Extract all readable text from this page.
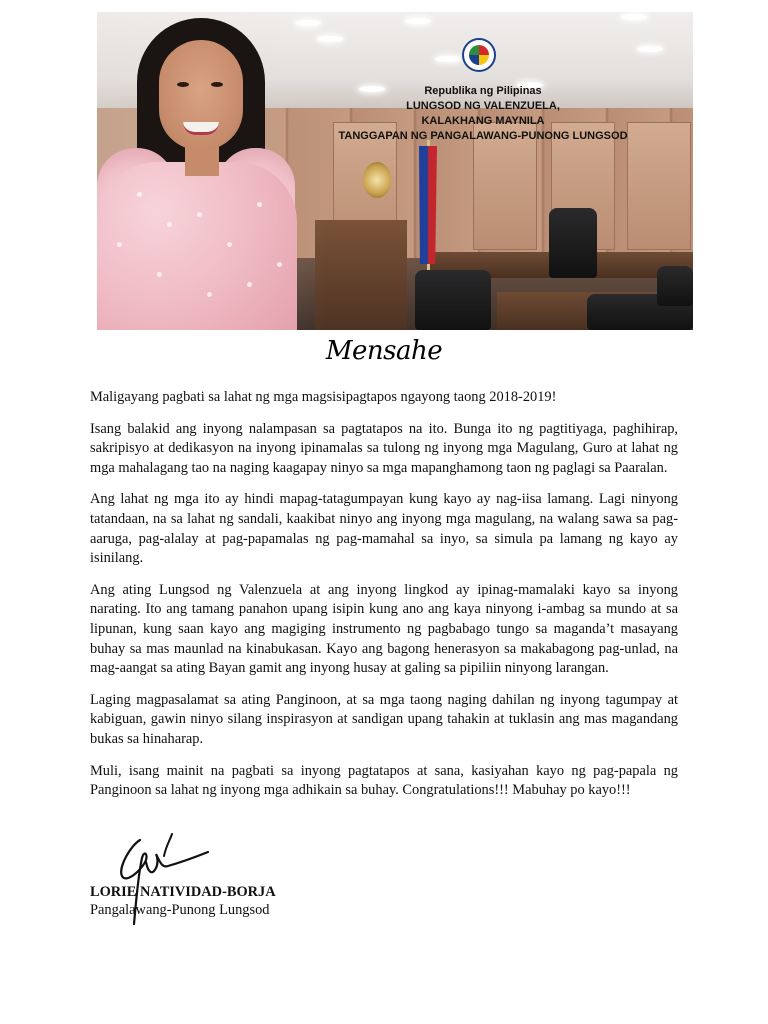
Republika ng Pilipinas
LUNGSOD NG VALENZUELA,
KALAKHANG MAYNILA
TANGGAPAN NG PANGALAWANG-PUNONG LUNGSOD
Mensahe

Maligayang pagbati sa lahat ng mga magsisipagtapos ngayong taong 2018-2019!

Isang balakid ang inyong nalampasan sa pagtatapos na ito. Bunga ito ng pagtitiyaga, paghihirap, sakripisyo at dedikasyon na inyong ipinamalas sa tulong ng inyong mga Magulang, Guro at lahat ng mga mahalagang tao na naging kaagapay ninyo sa mga mapanghamong taon ng paglagi sa Paaralan.

Ang lahat ng mga ito ay hindi mapag-tatagumpayan kung kayo ay nag-iisa lamang. Lagi ninyong tatandaan, na sa lahat ng sandali, kaakibat ninyo ang inyong mga magulang, na walang sawa sa pag-aaruga, pag-alalay at pag-papamalas ng pag-mamahal sa inyo, sa simula pa lamang ng kayo ay isinilang.

Ang ating Lungsod ng Valenzuela at ang inyong lingkod ay ipinag-mamalaki kayo sa inyong narating. Ito ang tamang panahon upang isipin kung ano ang kaya ninyong i-ambag sa mundo at sa lipunan, kung saan kayo ang magiging instrumento ng pagbabago tungo sa maganda’t masayang buhay sa mas maunlad na kinabukasan. Kayo ang bagong henerasyon sa makabagong pag-unlad, na mag-aangat sa ating Bayan gamit ang inyong husay at galing sa pipiliin ninyong larangan.

Laging magpasalamat sa ating Panginoon, at sa mga taong naging dahilan ng inyong tagumpay at kabiguan, gawin ninyo silang inspirasyon at sandigan upang tahakin at tuklasin ang mas magandang bukas sa hinaharap.

Muli, isang mainit na pagbati sa inyong pagtatapos at sana, kasiyahan kayo ng pag-papala ng Panginoon sa lahat ng inyong mga adhikain sa buhay. Congratulations!!! Mabuhay po kayo!!!

LORIE NATIVIDAD-BORJA
Pangalawang-Punong Lungsod
